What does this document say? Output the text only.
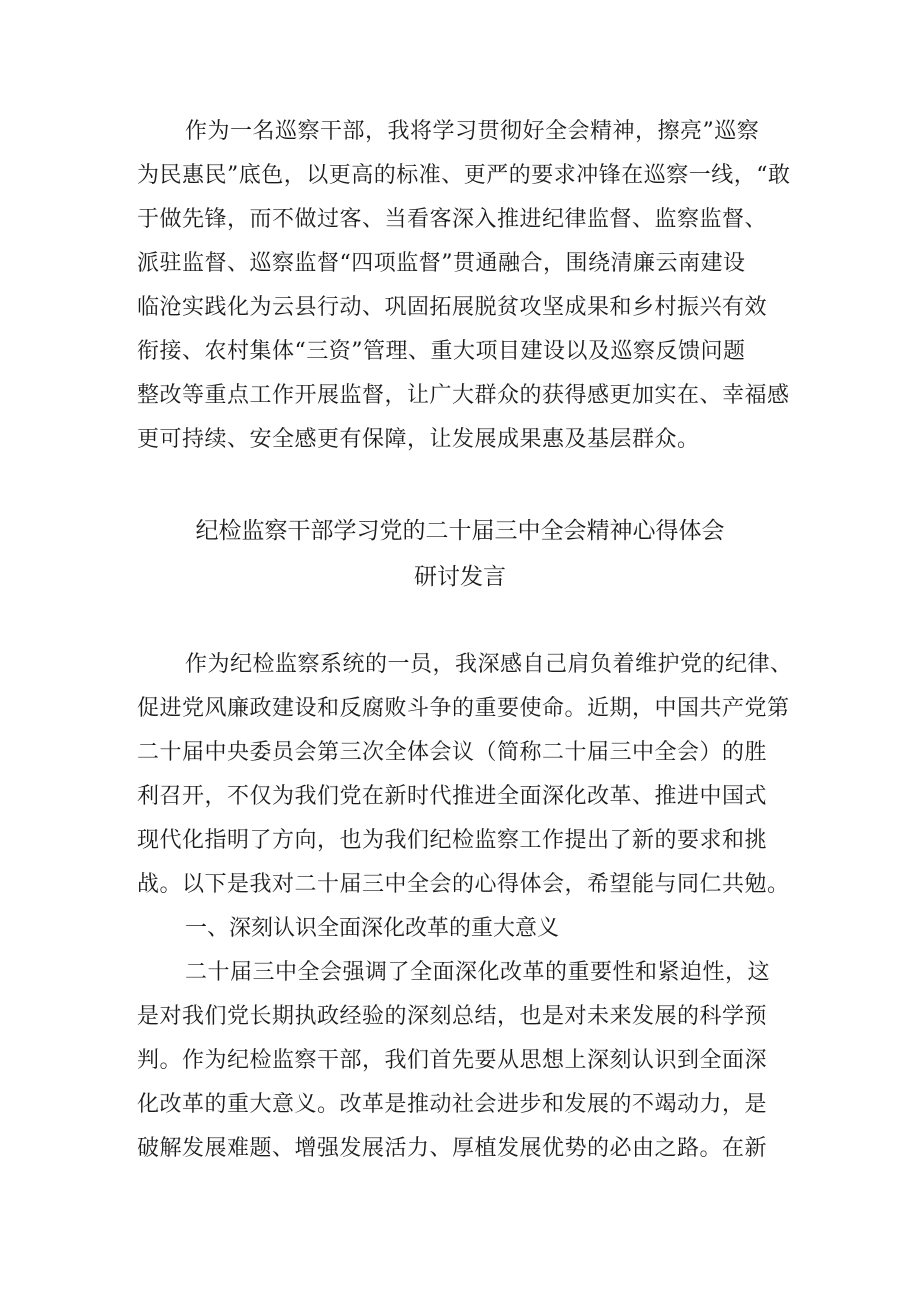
作为一名巡察干部，我将学习贯彻好全会精神，擦亮”巡察

为民惠民”底色，以更高的标准、更严的要求冲锋在巡察一线，“敢

于做先锋，而不做过客、当看客深入推进纪律监督、监察监督、

派驻监督、巡察监督“四项监督”贯通融合，围绕清廉云南建设

临沧实践化为云县行动、巩固拓展脱贫攻坚成果和乡村振兴有效

衔接、农村集体“三资”管理、重大项目建设以及巡察反馈问题

整改等重点工作开展监督，让广大群众的获得感更加实在、幸福感

更可持续、安全感更有保障，让发展成果惠及基层群众。

纪检监察干部学习党的二十届三中全会精神心得体会
研讨发言

作为纪检监察系统的一员，我深感自己肩负着维护党的纪律、

促进党风廉政建设和反腐败斗争的重要使命。近期，中国共产党第

二十届中央委员会第三次全体会议（简称二十届三中全会）的胜

利召开，不仅为我们党在新时代推进全面深化改革、推进中国式

现代化指明了方向，也为我们纪检监察工作提出了新的要求和挑

战。以下是我对二十届三中全会的心得体会，希望能与同仁共勉。

一、深刻认识全面深化改革的重大意义

二十届三中全会强调了全面深化改革的重要性和紧迫性，这

是对我们党长期执政经验的深刻总结，也是对未来发展的科学预

判。作为纪检监察干部，我们首先要从思想上深刻认识到全面深

化改革的重大意义。改革是推动社会进步和发展的不竭动力，是

破解发展难题、增强发展活力、厚植发展优势的必由之路。在新
